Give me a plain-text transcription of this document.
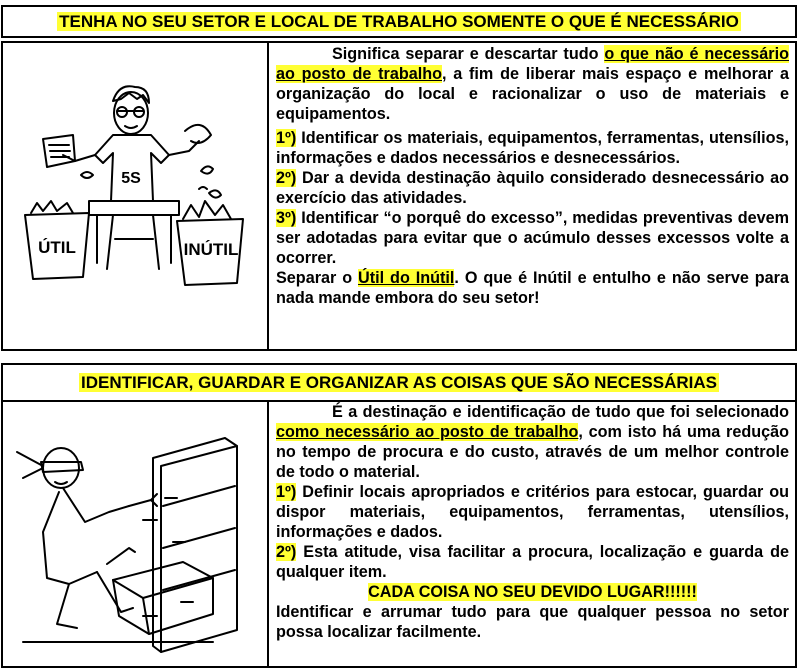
TENHA NO SEU SETOR E LOCAL DE TRABALHO SOMENTE O QUE É NECESSÁRIO
5S
ÚTIL	INÚTIL

Significa separar e descartar tudo o que não é necessário ao posto de trabalho, a fim de liberar mais espaço e melhorar a organização do local e racionalizar o uso de materiais e equipamentos.

1º) Identificar os materiais, equipamentos, ferramentas, utensílios, informações e dados necessários e desnecessários.

2º) Dar a devida destinação àquilo considerado desnecessário ao exercício das atividades.

3º) Identificar “o porquê do excesso”, medidas preventivas devem ser adotadas para evitar que o acúmulo desses excessos volte a ocorrer.

Separar o Útil do Inútil. O que é Inútil e entulho e não serve para nada mande embora do seu setor!

IDENTIFICAR, GUARDAR E ORGANIZAR AS COISAS QUE SÃO NECESSÁRIAS

É a destinação e identificação de tudo que foi selecionado como necessário ao posto de trabalho, com isto há uma redução no tempo de procura e do custo, através de um melhor controle de todo o material.

1º) Definir locais apropriados e critérios para estocar, guardar ou dispor materiais, equipamentos, ferramentas, utensílios, informações e dados.

2º) Esta atitude, visa facilitar a procura, localização e guarda de qualquer item.

CADA COISA NO SEU DEVIDO LUGAR!!!!!!

Identificar e arrumar tudo para que qualquer pessoa no setor possa localizar facilmente.
